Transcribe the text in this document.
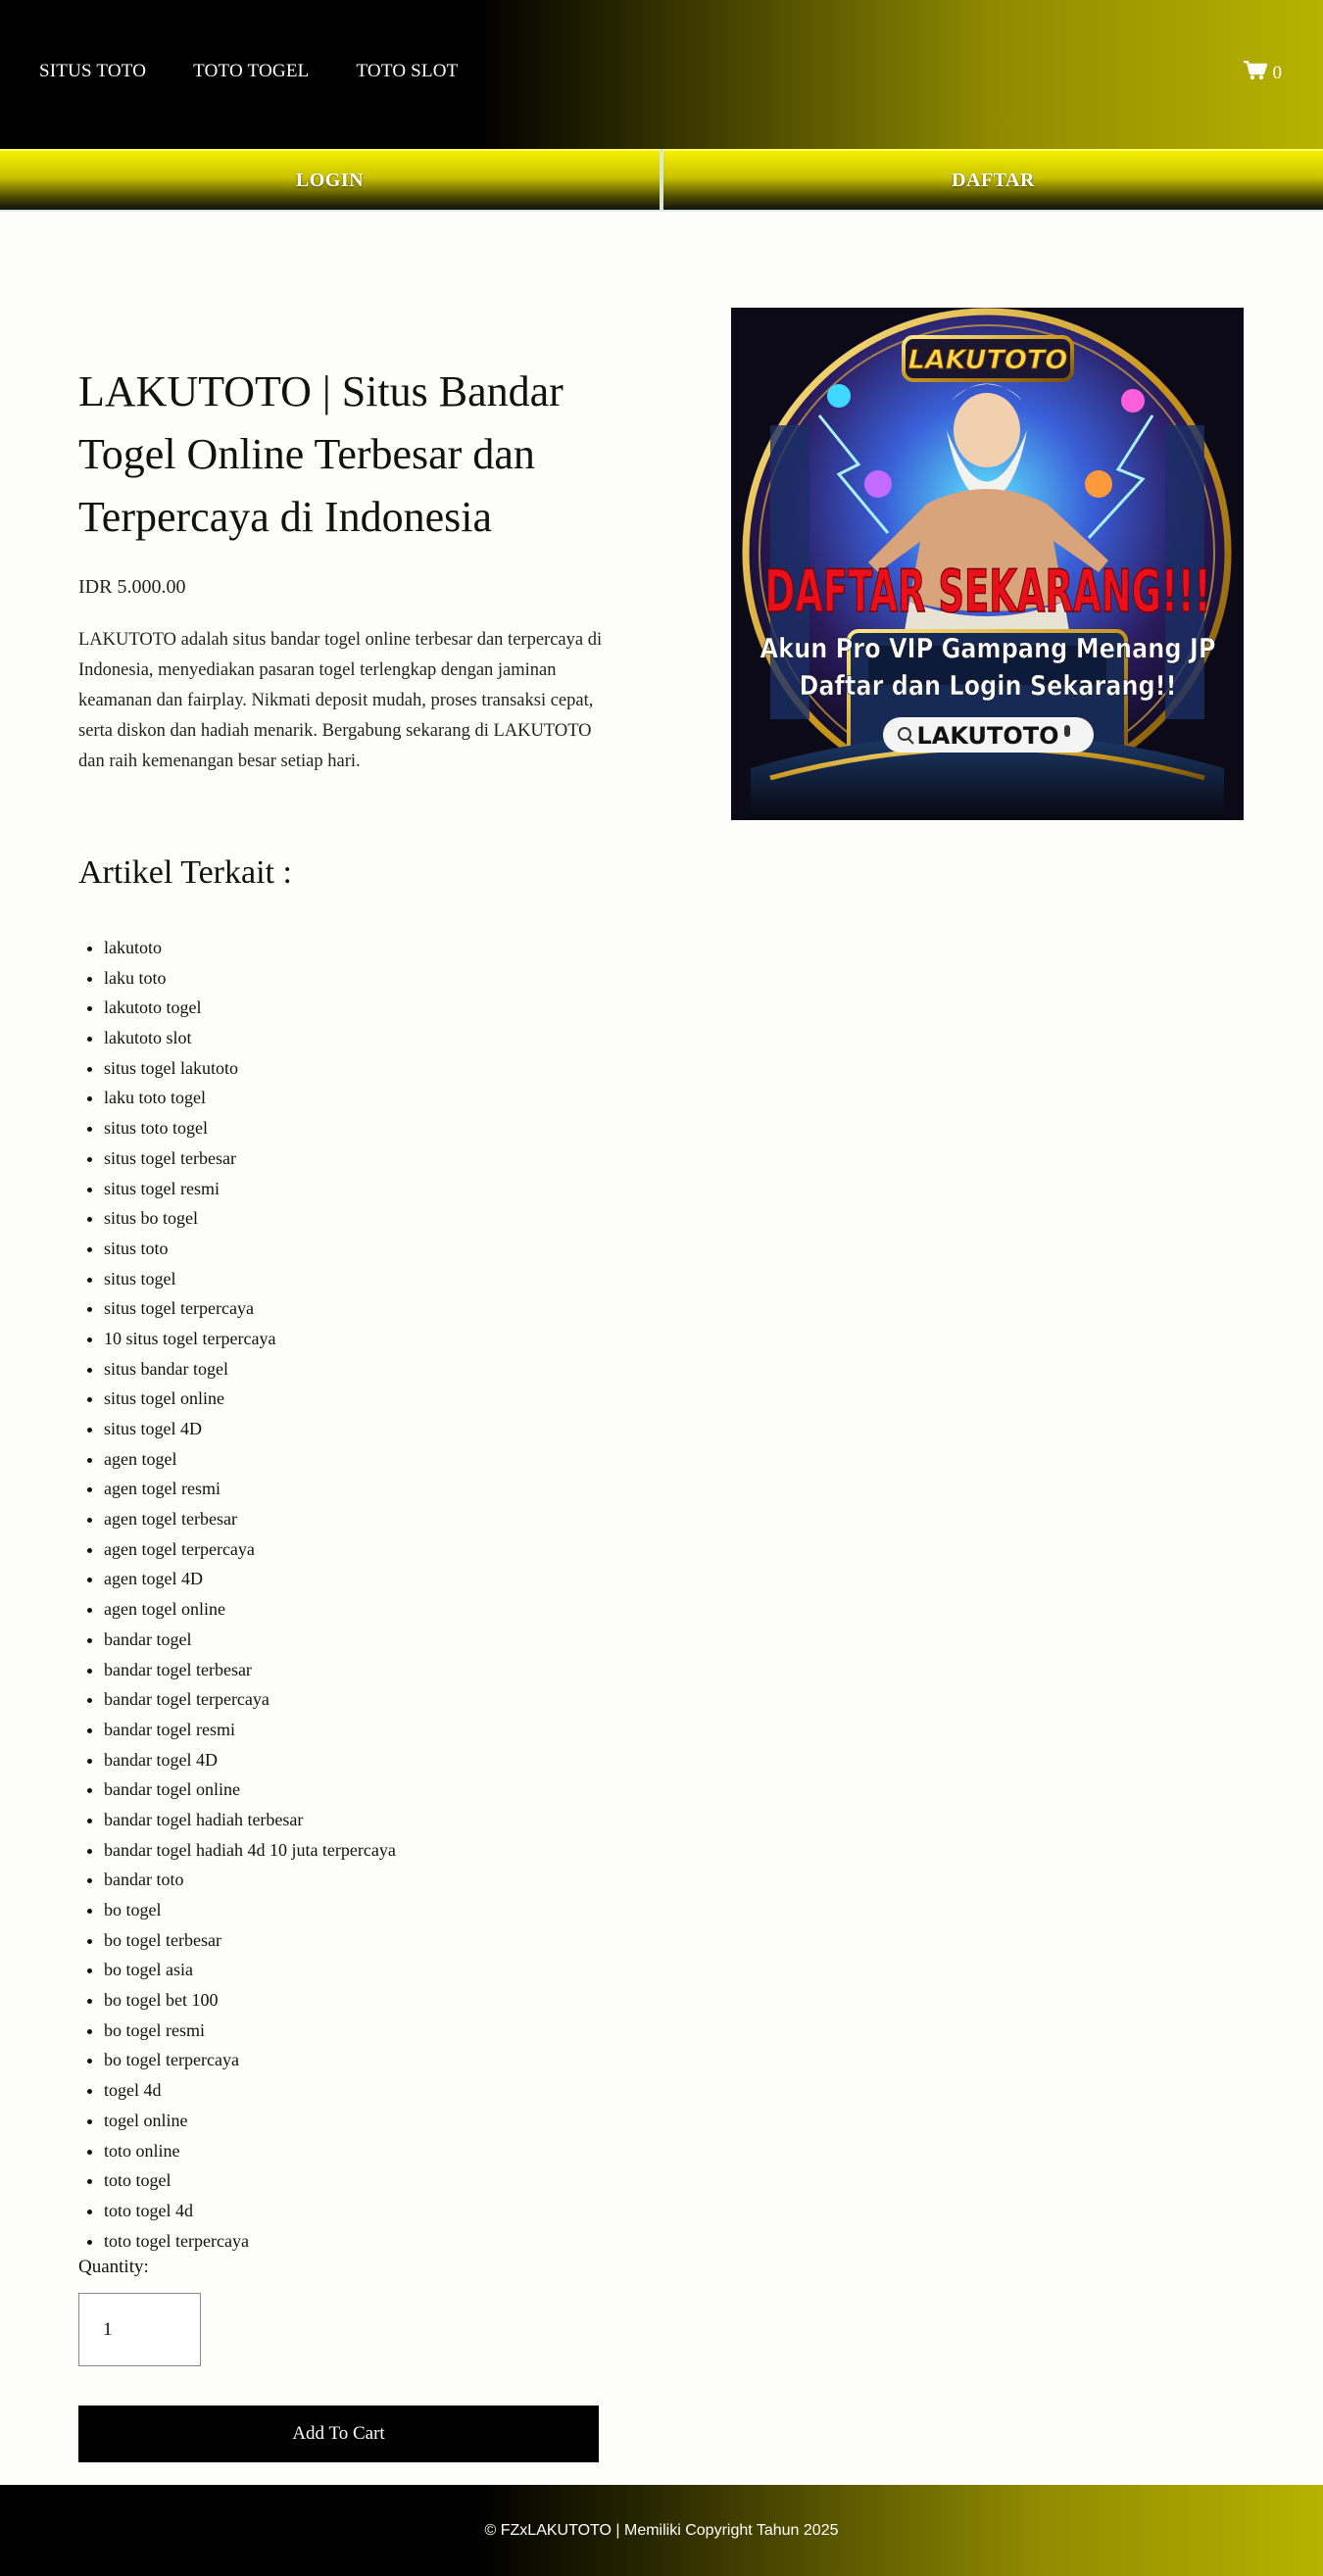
SITUS TOTO	TOTO TOGEL	TOTO SLOT	0
LOGIN	DAFTAR
LAKUTOTO | Situs Bandar Togel Online Terbesar dan Terpercaya di Indonesia
IDR 5.000.00

LAKUTOTO adalah situs bandar togel online terbesar dan terpercaya di Indonesia, menyediakan pasaran togel terlengkap dengan jaminan keamanan dan fairplay. Nikmati deposit mudah, proses transaksi cepat, serta diskon dan hadiah menarik. Bergabung sekarang di LAKUTOTO dan raih kemenangan besar setiap hari.

LAKUTOTO
DAFTAR SEKARANG!!!
Akun Pro VIP Gampang Menang JP
Daftar dan Login Sekarang!!
LAKUTOTO
Artikel Terkait :
• lakutoto
• laku toto
• lakutoto togel
• lakutoto slot
• situs togel lakutoto
• laku toto togel
• situs toto togel
• situs togel terbesar
• situs togel resmi
• situs bo togel
• situs toto
• situs togel
• situs togel terpercaya
• 10 situs togel terpercaya
• situs bandar togel
• situs togel online
• situs togel 4D
• agen togel
• agen togel resmi
• agen togel terbesar
• agen togel terpercaya
• agen togel 4D
• agen togel online
• bandar togel
• bandar togel terbesar
• bandar togel terpercaya
• bandar togel resmi
• bandar togel 4D
• bandar togel online
• bandar togel hadiah terbesar
• bandar togel hadiah 4d 10 juta terpercaya
• bandar toto
• bo togel
• bo togel terbesar
• bo togel asia
• bo togel bet 100
• bo togel resmi
• bo togel terpercaya
• togel 4d
• togel online
• toto online
• toto togel
• toto togel 4d
• toto togel terpercaya
Quantity:
1
Add To Cart
© FZxLAKUTOTO | Memiliki Copyright Tahun 2025
